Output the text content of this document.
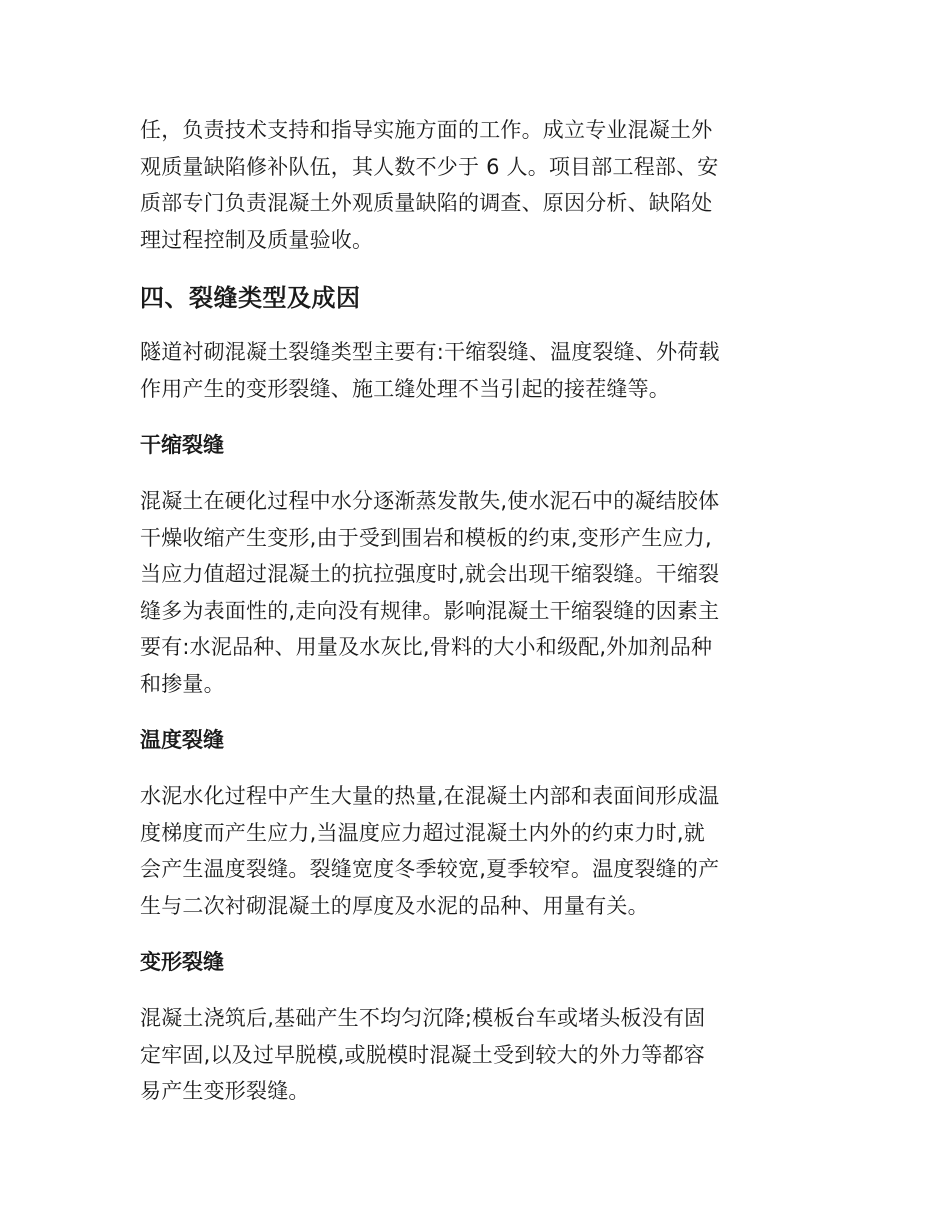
任，负责技术支持和指导实施方面的工作。成立专业混凝土外
观质量缺陷修补队伍，其人数不少于 6 人。项目部工程部、安
质部专门负责混凝土外观质量缺陷的调查、原因分析、缺陷处
理过程控制及质量验收。

四、裂缝类型及成因

隧道衬砌混凝土裂缝类型主要有:干缩裂缝、温度裂缝、外荷载
作用产生的变形裂缝、施工缝处理不当引起的接茬缝等。

干缩裂缝

混凝土在硬化过程中水分逐渐蒸发散失,使水泥石中的凝结胶体
干燥收缩产生变形,由于受到围岩和模板的约束,变形产生应力,
当应力值超过混凝土的抗拉强度时,就会出现干缩裂缝。干缩裂
缝多为表面性的,走向没有规律。影响混凝土干缩裂缝的因素主
要有:水泥品种、用量及水灰比,骨料的大小和级配,外加剂品种
和掺量。

温度裂缝

水泥水化过程中产生大量的热量,在混凝土内部和表面间形成温
度梯度而产生应力,当温度应力超过混凝土内外的约束力时,就
会产生温度裂缝。裂缝宽度冬季较宽,夏季较窄。温度裂缝的产
生与二次衬砌混凝土的厚度及水泥的品种、用量有关。

变形裂缝

混凝土浇筑后,基础产生不均匀沉降;模板台车或堵头板没有固
定牢固,以及过早脱模,或脱模时混凝土受到较大的外力等都容
易产生变形裂缝。
